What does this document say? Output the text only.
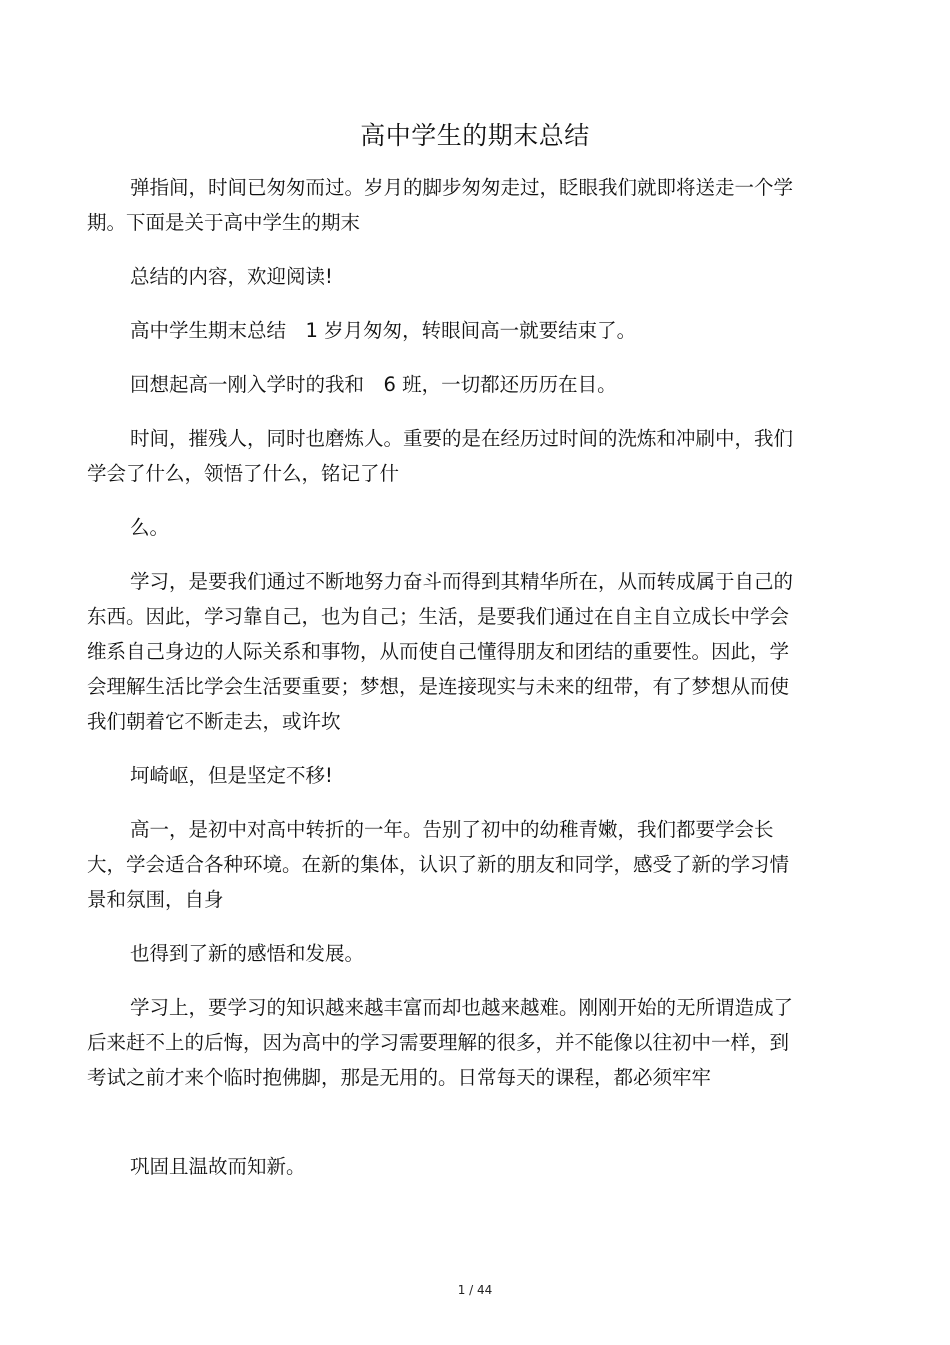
高中学生的期末总结

弹指间，时间已匆匆而过。岁月的脚步匆匆走过，眨眼我们就即将送走一个学期。下面是关于高中学生的期末

总结的内容，欢迎阅读!

高中学生期末总结　1 岁月匆匆，转眼间高一就要结束了。

回想起高一刚入学时的我和　6 班，一切都还历历在目。

时间，摧残人，同时也磨炼人。重要的是在经历过时间的洗炼和冲刷中，我们学会了什么，领悟了什么，铭记了什

么。

学习，是要我们通过不断地努力奋斗而得到其精华所在，从而转成属于自己的东西。因此，学习靠自己，也为自己；生活，是要我们通过在自主自立成长中学会维系自己身边的人际关系和事物，从而使自己懂得朋友和团结的重要性。因此，学会理解生活比学会生活要重要；梦想，是连接现实与未来的纽带，有了梦想从而使我们朝着它不断走去，或许坎

坷崎岖，但是坚定不移!

高一，是初中对高中转折的一年。告别了初中的幼稚青嫩，我们都要学会长大，学会适合各种环境。在新的集体，认识了新的朋友和同学，感受了新的学习情景和氛围，自身

也得到了新的感悟和发展。

学习上，要学习的知识越来越丰富而却也越来越难。刚刚开始的无所谓造成了后来赶不上的后悔，因为高中的学习需要理解的很多，并不能像以往初中一样，到考试之前才来个临时抱佛脚，那是无用的。日常每天的课程，都必须牢牢

巩固且温故而知新。

1 / 44
